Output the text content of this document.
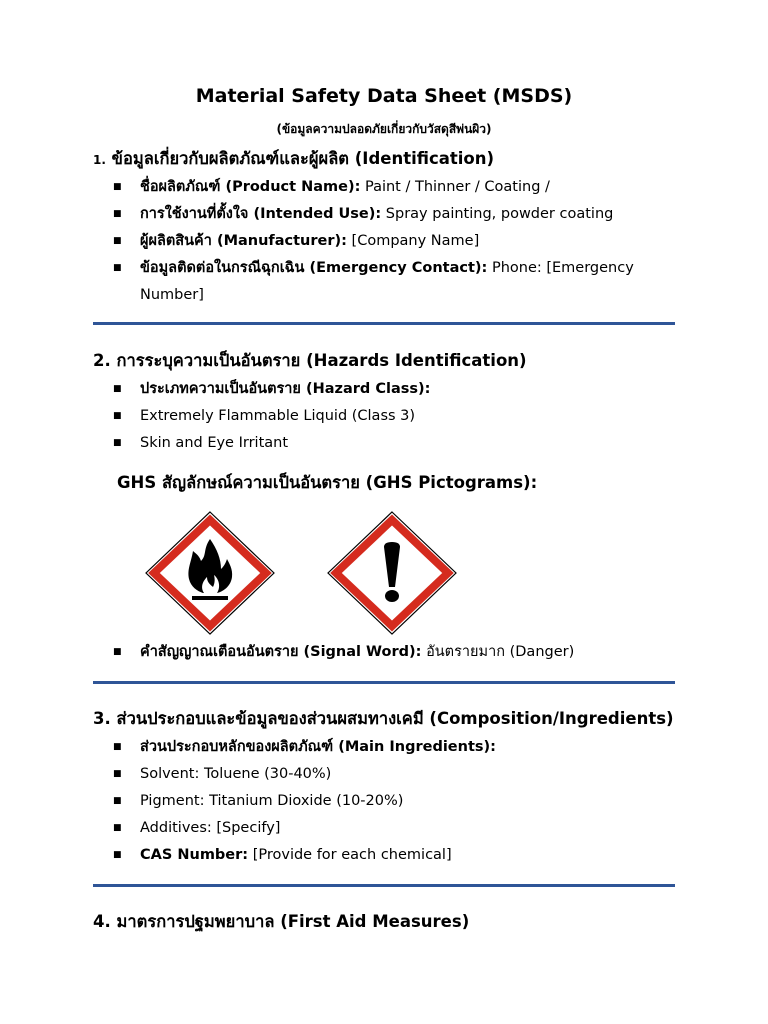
Material Safety Data Sheet (MSDS)
(ข้อมูลความปลอดภัยเกี่ยวกับวัสดุสีพ่นผิว)
1. ข้อมูลเกี่ยวกับผลิตภัณฑ์และผู้ผลิต (Identification)
■ ชื่อผลิตภัณฑ์ (Product Name): Paint / Thinner / Coating /
■ การใช้งานที่ตั้งใจ (Intended Use): Spray painting, powder coating
■ ผู้ผลิตสินค้า (Manufacturer): [Company Name]
■ ข้อมูลติดต่อในกรณีฉุกเฉิน (Emergency Contact): Phone: [Emergency Number]
2. การระบุความเป็นอันตราย (Hazards Identification)
■ ประเภทความเป็นอันตราย (Hazard Class):
■ Extremely Flammable Liquid (Class 3)
■ Skin and Eye Irritant
GHS สัญลักษณ์ความเป็นอันตราย (GHS Pictograms):
■ คำสัญญาณเตือนอันตราย (Signal Word): อันตรายมาก (Danger)
3. ส่วนประกอบและข้อมูลของส่วนผสมทางเคมี (Composition/Ingredients)
■ ส่วนประกอบหลักของผลิตภัณฑ์ (Main Ingredients):
■ Solvent: Toluene (30-40%)
■ Pigment: Titanium Dioxide (10-20%)
■ Additives: [Specify]
■ CAS Number: [Provide for each chemical]
4. มาตรการปฐมพยาบาล (First Aid Measures)
